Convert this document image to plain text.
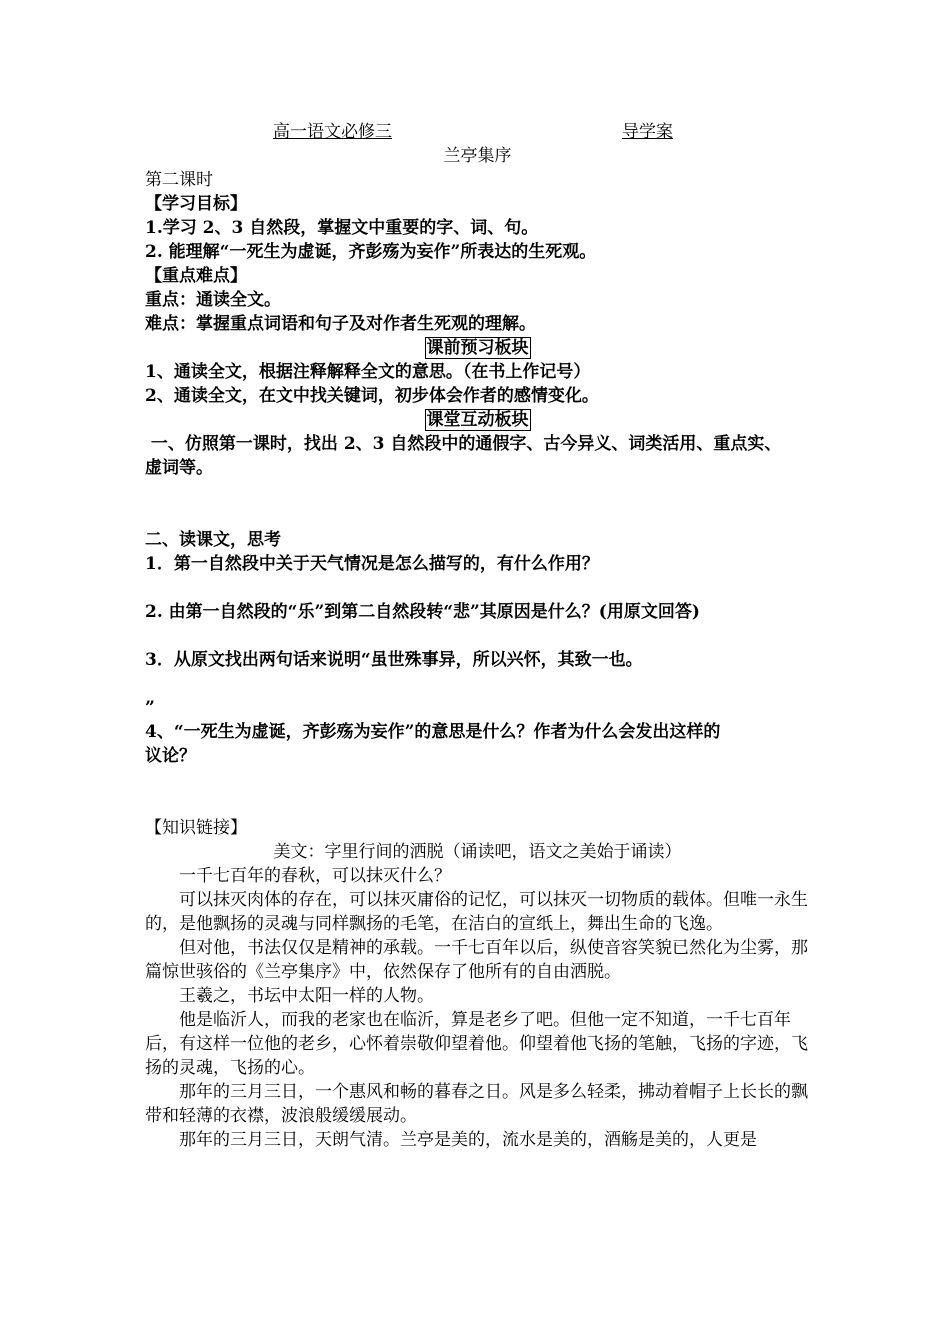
高一语文必修三	导学案
兰亭集序
第二课时
【学习目标】
1.学习 2、3 自然段，掌握文中重要的字、词、句。
2. 能理解“一死生为虚诞，齐彭殇为妄作”所表达的生死观。
【重点难点】
重点：通读全文。
难点：掌握重点词语和句子及对作者生死观的理解。
课前预习板块
1、通读全文，根据注释解释全文的意思。（在书上作记号）
2、通读全文，在文中找关键词，初步体会作者的感情变化。
课堂互动板块
一、仿照第一课时，找出 2、3 自然段中的通假字、古今异义、词类活用、重点实、
虚词等。
二、读课文，思考
1．第一自然段中关于天气情况是怎么描写的，有什么作用？
2. 由第一自然段的“乐”到第二自然段转“悲”其原因是什么？(用原文回答)
3．从原文找出两句话来说明“虽世殊事异，所以兴怀，其致一也。
”
4、“一死生为虚诞，齐彭殇为妄作”的意思是什么？作者为什么会发出这样的
议论？
【知识链接】
美文：字里行间的洒脱（诵读吧，语文之美始于诵读）
一千七百年的春秋，可以抹灭什么？
可以抹灭肉体的存在，可以抹灭庸俗的记忆，可以抹灭一切物质的载体。但唯一永生的，是他飘扬的灵魂与同样飘扬的毛笔，在洁白的宣纸上，舞出生命的飞逸。
但对他，书法仅仅是精神的承载。一千七百年以后，纵使音容笑貌已然化为尘雾，那篇惊世骇俗的《兰亭集序》中，依然保存了他所有的自由洒脱。
王羲之，书坛中太阳一样的人物。
他是临沂人，而我的老家也在临沂，算是老乡了吧。但他一定不知道，一千七百年后，有这样一位他的老乡，心怀着崇敬仰望着他。仰望着他飞扬的笔触，飞扬的字迹，飞扬的灵魂，飞扬的心。
那年的三月三日，一个惠风和畅的暮春之日。风是多么轻柔，拂动着帽子上长长的飘带和轻薄的衣襟，波浪般缓缓展动。
那年的三月三日，天朗气清。兰亭是美的，流水是美的，酒觞是美的，人更是
